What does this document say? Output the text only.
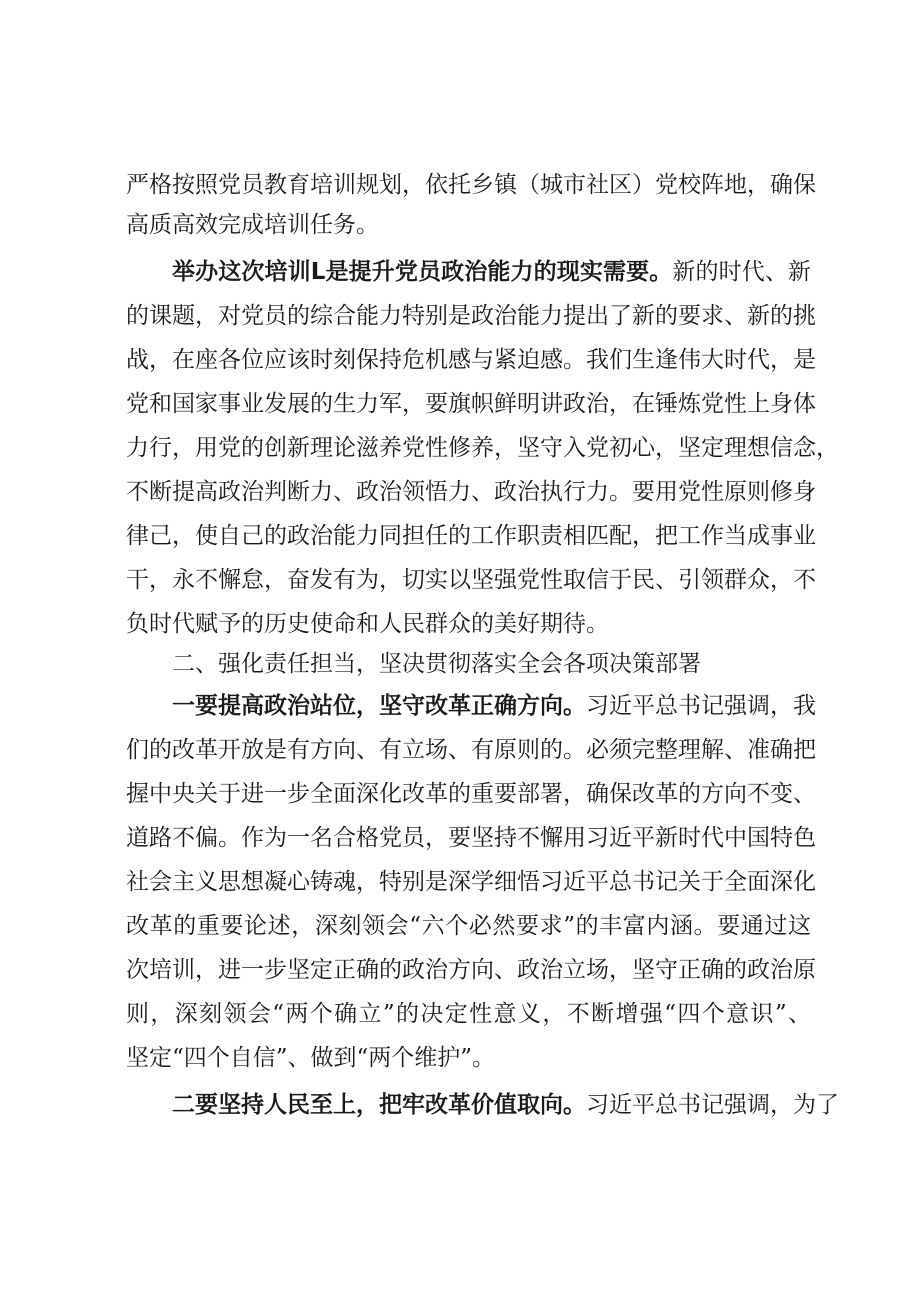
严格按照党员教育培训规划，依托乡镇（城市社区）党校阵地，确保
高质高效完成培训任务。
举办这次培训L是提升党员政治能力的现实需要。新的时代、新
的课题，对党员的综合能力特别是政治能力提出了新的要求、新的挑
战，在座各位应该时刻保持危机感与紧迫感。我们生逢伟大时代，是
党和国家事业发展的生力军，要旗帜鲜明讲政治，在锤炼党性上身体
力行，用党的创新理论滋养党性修养，坚守入党初心，坚定理想信念，
不断提高政治判断力、政治领悟力、政治执行力。要用党性原则修身
律己，使自己的政治能力同担任的工作职责相匹配，把工作当成事业
干，永不懈怠，奋发有为，切实以坚强党性取信于民、引领群众，不
负时代赋予的历史使命和人民群众的美好期待。
二、强化责任担当，坚决贯彻落实全会各项决策部署
一要提高政治站位，坚守改革正确方向。习近平总书记强调，我
们的改革开放是有方向、有立场、有原则的。必须完整理解、准确把
握中央关于进一步全面深化改革的重要部署，确保改革的方向不变、
道路不偏。作为一名合格党员，要坚持不懈用习近平新时代中国特色
社会主义思想凝心铸魂，特别是深学细悟习近平总书记关于全面深化
改革的重要论述，深刻领会“六个必然要求”的丰富内涵。要通过这
次培训，进一步坚定正确的政治方向、政治立场，坚守正确的政治原
则，深刻领会“两个确立”的决定性意义，不断增强“四个意识”、
坚定“四个自信”、做到“两个维护”。
二要坚持人民至上，把牢改革价值取向。习近平总书记强调，为了
